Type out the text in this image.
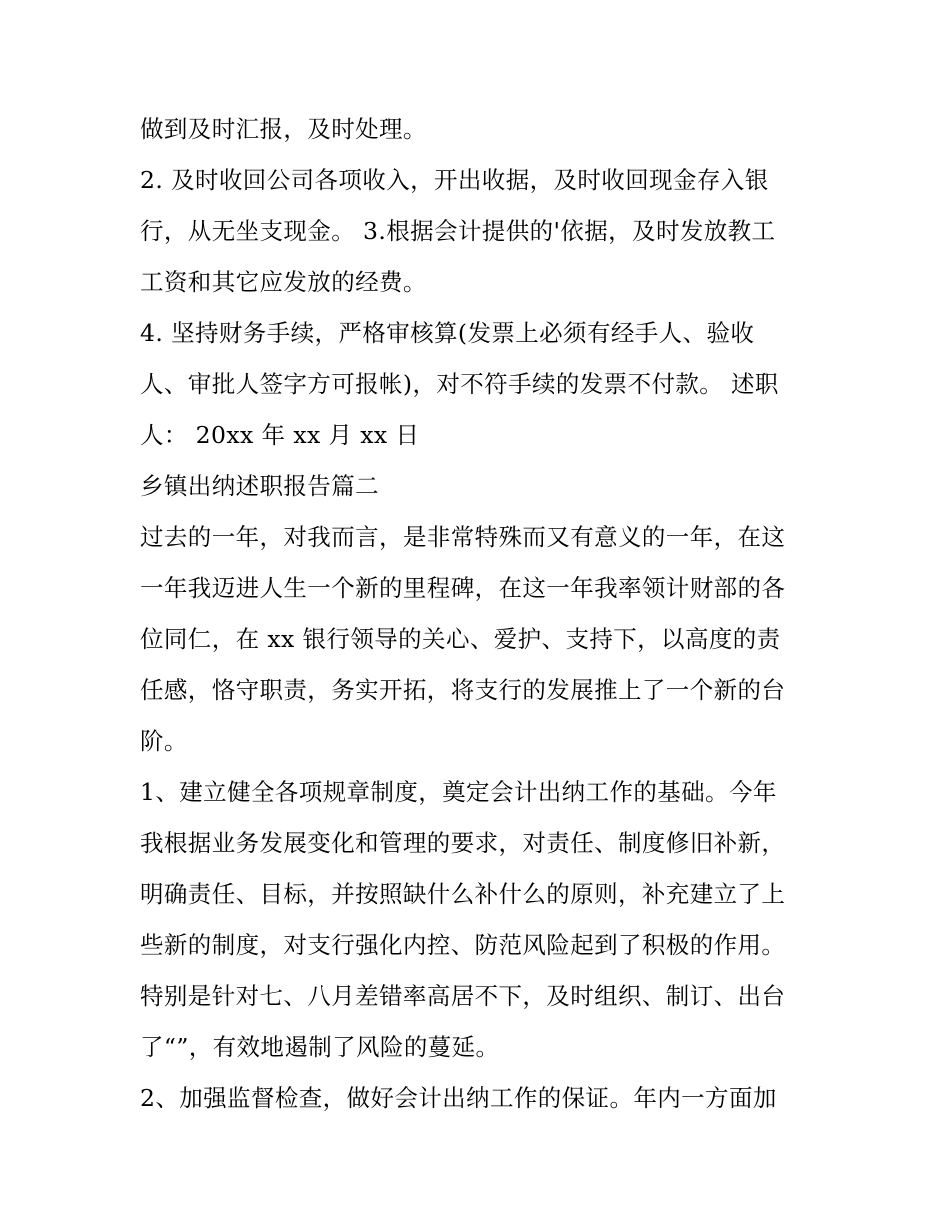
做到及时汇报，及时处理。
2. 及时收回公司各项收入，开出收据，及时收回现金存入银
行，从无坐支现金。 3.根据会计提供的'依据，及时发放教工
工资和其它应发放的经费。
4. 坚持财务手续，严格审核算(发票上必须有经手人、验收
人、审批人签字方可报帐)，对不符手续的发票不付款。 述职
人： 20xx 年 xx 月 xx 日
乡镇出纳述职报告篇二
过去的一年，对我而言，是非常特殊而又有意义的一年，在这
一年我迈进人生一个新的里程碑，在这一年我率领计财部的各
位同仁，在 xx 银行领导的关心、爱护、支持下，以高度的责
任感，恪守职责，务实开拓，将支行的发展推上了一个新的台
阶。
1、建立健全各项规章制度，奠定会计出纳工作的基础。今年
我根据业务发展变化和管理的要求，对责任、制度修旧补新，
明确责任、目标，并按照缺什么补什么的原则，补充建立了上
些新的制度，对支行强化内控、防范风险起到了积极的作用。
特别是针对七、八月差错率高居不下，及时组织、制订、出台
了“”，有效地遏制了风险的蔓延。
2、加强监督检查，做好会计出纳工作的保证。年内一方面加
